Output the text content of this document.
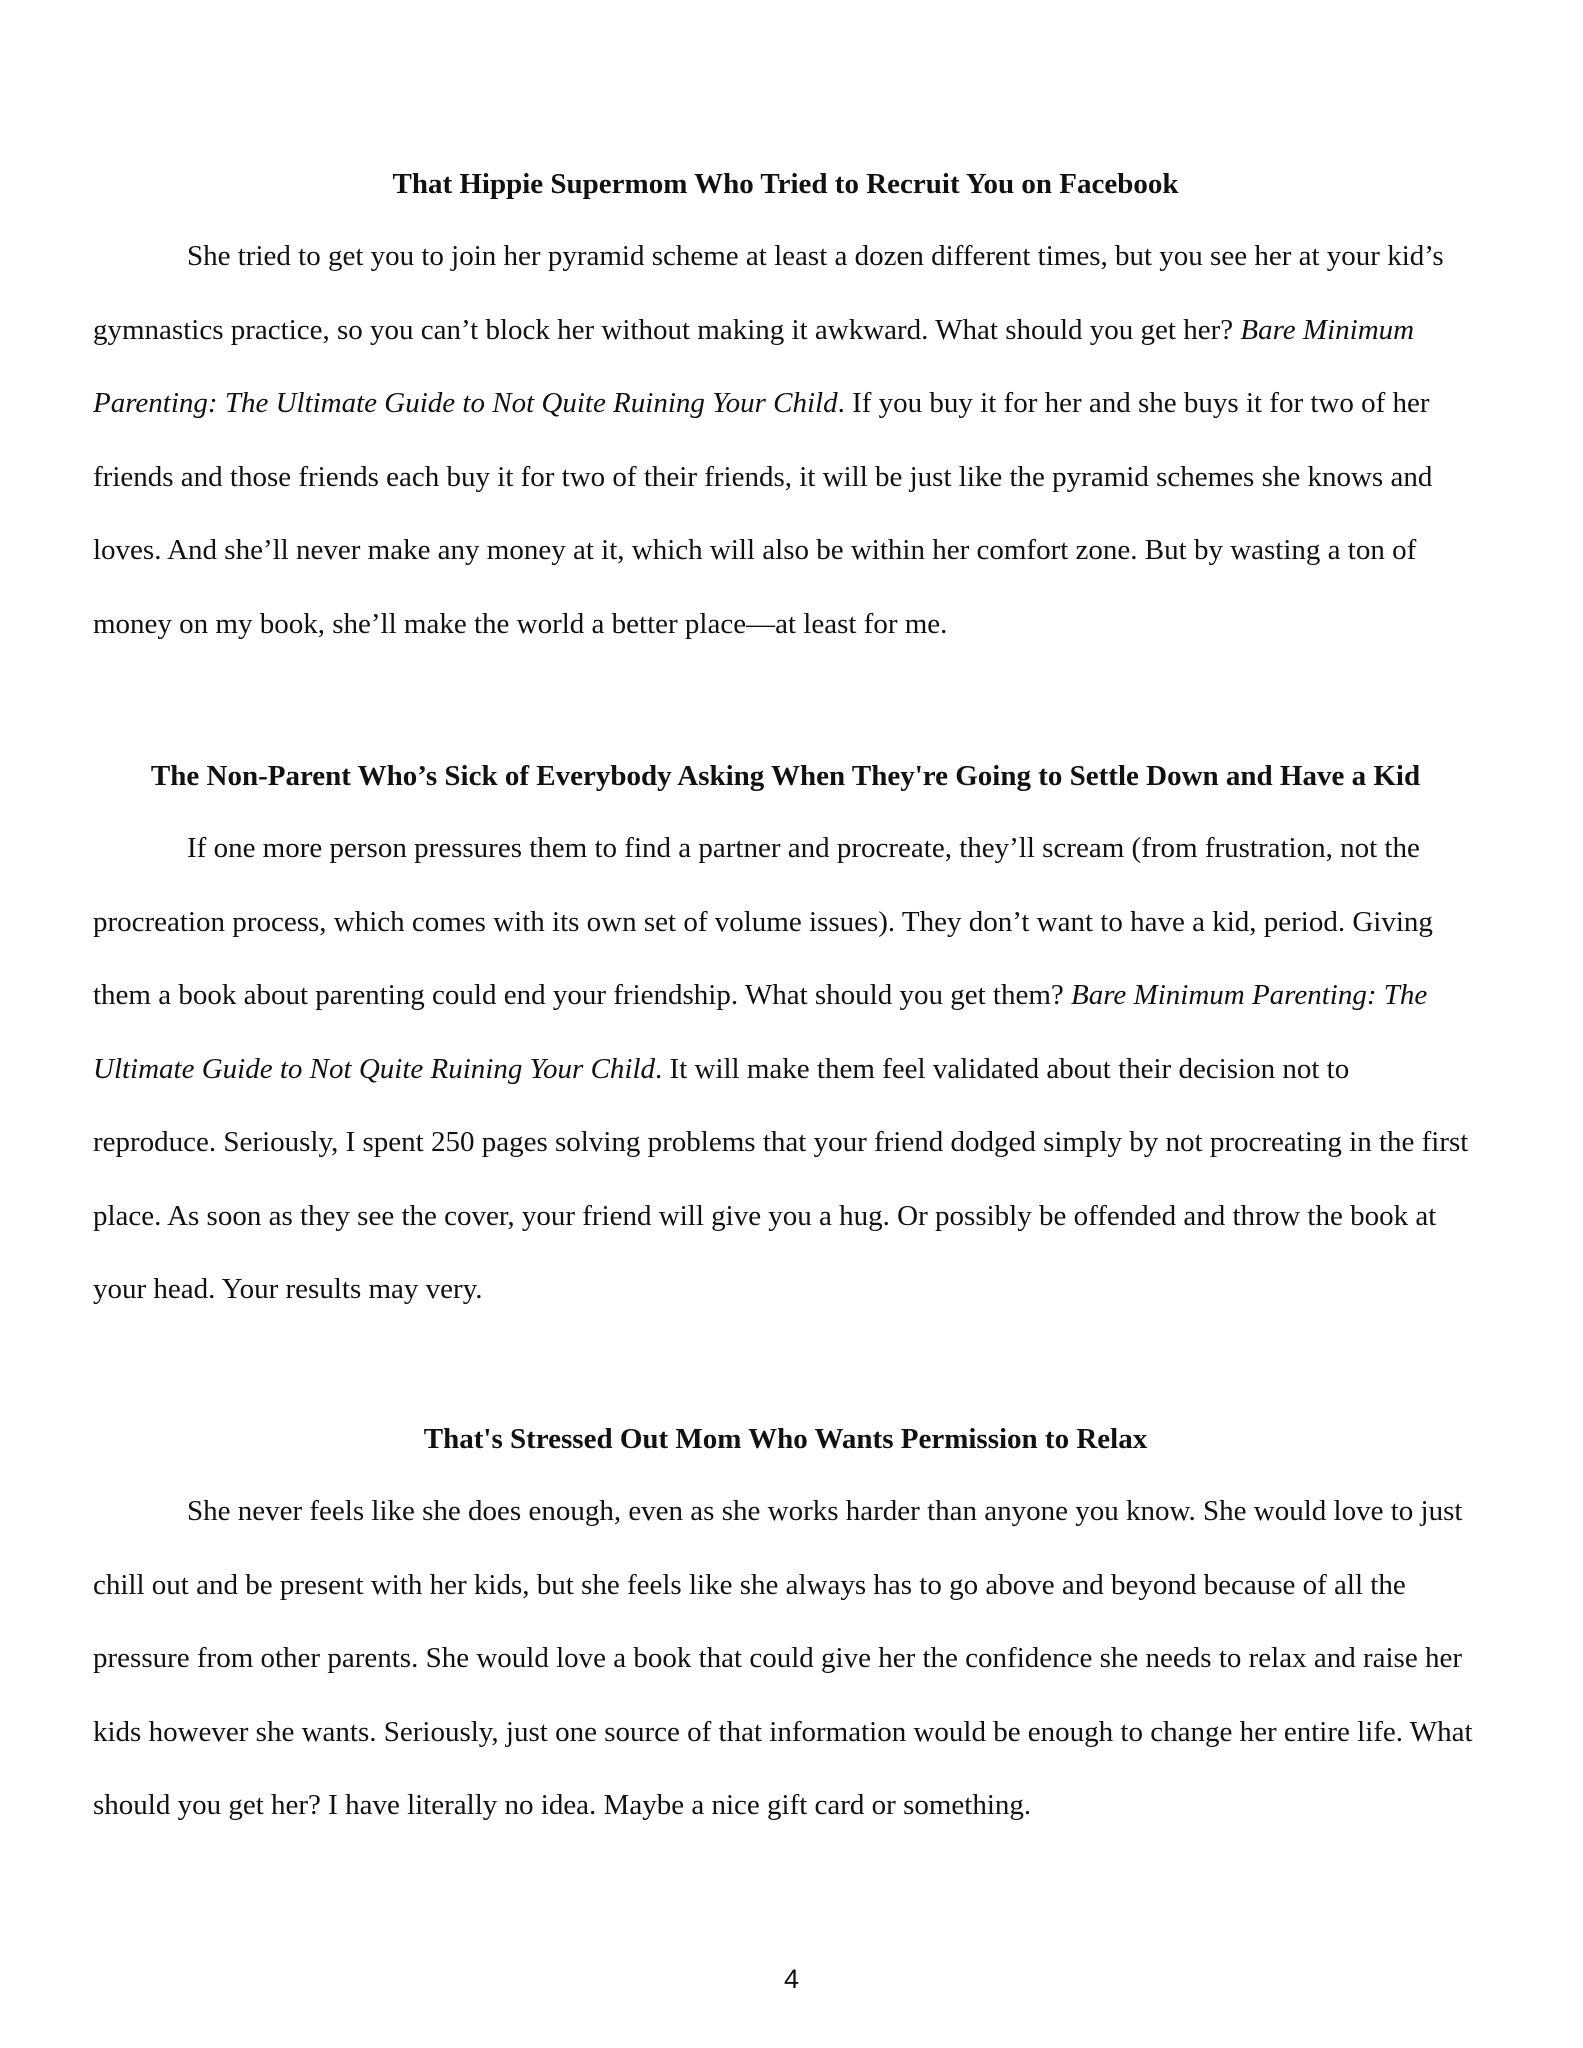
That Hippie Supermom Who Tried to Recruit You on Facebook

She tried to get you to join her pyramid scheme at least a dozen different times, but you see her at your kid’s gymnastics practice, so you can’t block her without making it awkward. What should you get her? Bare Minimum Parenting: The Ultimate Guide to Not Quite Ruining Your Child. If you buy it for her and she buys it for two of her friends and those friends each buy it for two of their friends, it will be just like the pyramid schemes she knows and loves. And she’ll never make any money at it, which will also be within her comfort zone. But by wasting a ton of money on my book, she’ll make the world a better place—at least for me.

The Non-Parent Who’s Sick of Everybody Asking When They're Going to Settle Down and Have a Kid

If one more person pressures them to find a partner and procreate, they’ll scream (from frustration, not the procreation process, which comes with its own set of volume issues). They don’t want to have a kid, period. Giving them a book about parenting could end your friendship. What should you get them? Bare Minimum Parenting: The Ultimate Guide to Not Quite Ruining Your Child. It will make them feel validated about their decision not to reproduce. Seriously, I spent 250 pages solving problems that your friend dodged simply by not procreating in the first place. As soon as they see the cover, your friend will give you a hug. Or possibly be offended and throw the book at your head. Your results may very.

That's Stressed Out Mom Who Wants Permission to Relax

She never feels like she does enough, even as she works harder than anyone you know. She would love to just chill out and be present with her kids, but she feels like she always has to go above and beyond because of all the pressure from other parents. She would love a book that could give her the confidence she needs to relax and raise her kids however she wants. Seriously, just one source of that information would be enough to change her entire life. What should you get her? I have literally no idea. Maybe a nice gift card or something.

4
